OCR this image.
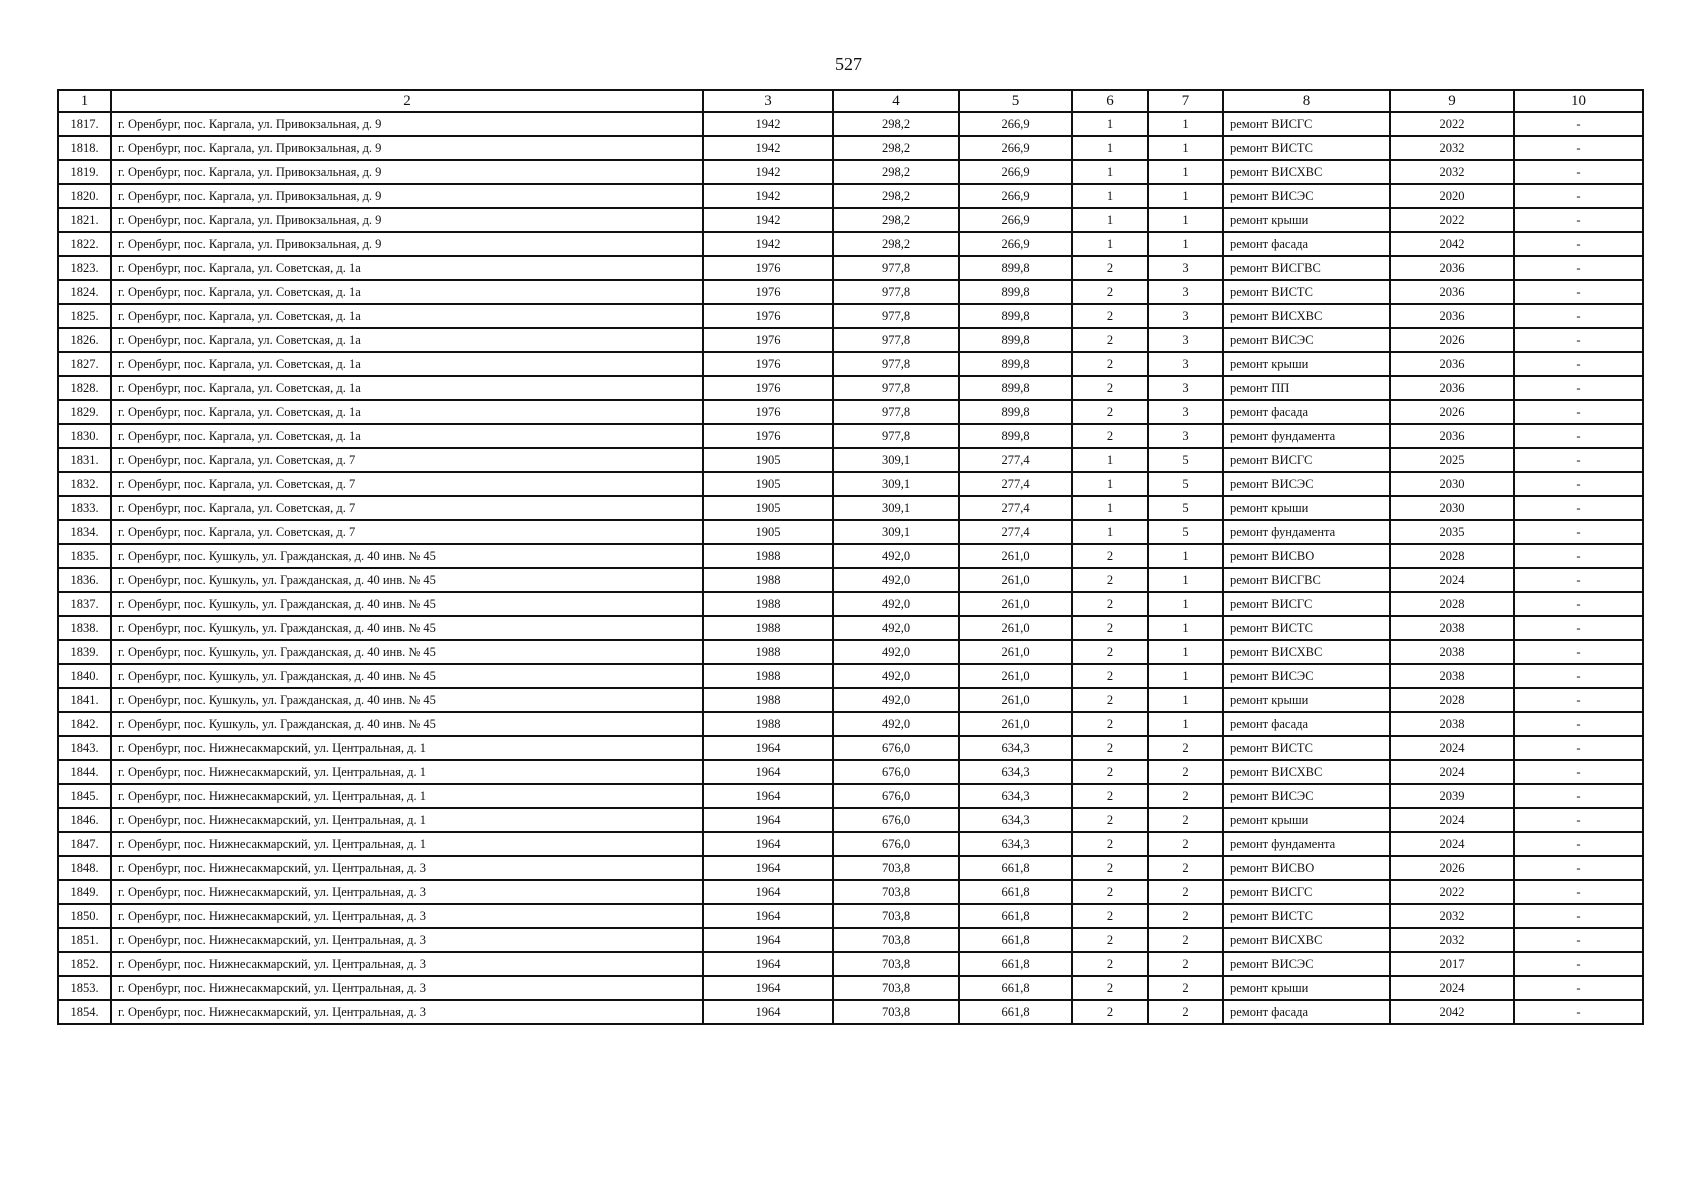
527
1	2	3	4	5	6	7	8	9	10
1817.	г. Оренбург, пос. Каргала, ул. Привокзальная, д. 9	1942	298,2	266,9	1	1	ремонт ВИСГС	2022	-
1818.	г. Оренбург, пос. Каргала, ул. Привокзальная, д. 9	1942	298,2	266,9	1	1	ремонт ВИСТС	2032	-
1819.	г. Оренбург, пос. Каргала, ул. Привокзальная, д. 9	1942	298,2	266,9	1	1	ремонт ВИСХВС	2032	-
1820.	г. Оренбург, пос. Каргала, ул. Привокзальная, д. 9	1942	298,2	266,9	1	1	ремонт ВИСЭС	2020	-
1821.	г. Оренбург, пос. Каргала, ул. Привокзальная, д. 9	1942	298,2	266,9	1	1	ремонт крыши	2022	-
1822.	г. Оренбург, пос. Каргала, ул. Привокзальная, д. 9	1942	298,2	266,9	1	1	ремонт фасада	2042	-
1823.	г. Оренбург, пос. Каргала, ул. Советская, д. 1а	1976	977,8	899,8	2	3	ремонт ВИСГВС	2036	-
1824.	г. Оренбург, пос. Каргала, ул. Советская, д. 1а	1976	977,8	899,8	2	3	ремонт ВИСТС	2036	-
1825.	г. Оренбург, пос. Каргала, ул. Советская, д. 1а	1976	977,8	899,8	2	3	ремонт ВИСХВС	2036	-
1826.	г. Оренбург, пос. Каргала, ул. Советская, д. 1а	1976	977,8	899,8	2	3	ремонт ВИСЭС	2026	-
1827.	г. Оренбург, пос. Каргала, ул. Советская, д. 1а	1976	977,8	899,8	2	3	ремонт крыши	2036	-
1828.	г. Оренбург, пос. Каргала, ул. Советская, д. 1а	1976	977,8	899,8	2	3	ремонт ПП	2036	-
1829.	г. Оренбург, пос. Каргала, ул. Советская, д. 1а	1976	977,8	899,8	2	3	ремонт фасада	2026	-
1830.	г. Оренбург, пос. Каргала, ул. Советская, д. 1а	1976	977,8	899,8	2	3	ремонт фундамента	2036	-
1831.	г. Оренбург, пос. Каргала, ул. Советская, д. 7	1905	309,1	277,4	1	5	ремонт ВИСГС	2025	-
1832.	г. Оренбург, пос. Каргала, ул. Советская, д. 7	1905	309,1	277,4	1	5	ремонт ВИСЭС	2030	-
1833.	г. Оренбург, пос. Каргала, ул. Советская, д. 7	1905	309,1	277,4	1	5	ремонт крыши	2030	-
1834.	г. Оренбург, пос. Каргала, ул. Советская, д. 7	1905	309,1	277,4	1	5	ремонт фундамента	2035	-
1835.	г. Оренбург, пос. Кушкуль, ул. Гражданская, д. 40 инв. № 45	1988	492,0	261,0	2	1	ремонт ВИСВО	2028	-
1836.	г. Оренбург, пос. Кушкуль, ул. Гражданская, д. 40 инв. № 45	1988	492,0	261,0	2	1	ремонт ВИСГВС	2024	-
1837.	г. Оренбург, пос. Кушкуль, ул. Гражданская, д. 40 инв. № 45	1988	492,0	261,0	2	1	ремонт ВИСГС	2028	-
1838.	г. Оренбург, пос. Кушкуль, ул. Гражданская, д. 40 инв. № 45	1988	492,0	261,0	2	1	ремонт ВИСТС	2038	-
1839.	г. Оренбург, пос. Кушкуль, ул. Гражданская, д. 40 инв. № 45	1988	492,0	261,0	2	1	ремонт ВИСХВС	2038	-
1840.	г. Оренбург, пос. Кушкуль, ул. Гражданская, д. 40 инв. № 45	1988	492,0	261,0	2	1	ремонт ВИСЭС	2038	-
1841.	г. Оренбург, пос. Кушкуль, ул. Гражданская, д. 40 инв. № 45	1988	492,0	261,0	2	1	ремонт крыши	2028	-
1842.	г. Оренбург, пос. Кушкуль, ул. Гражданская, д. 40 инв. № 45	1988	492,0	261,0	2	1	ремонт фасада	2038	-
1843.	г. Оренбург, пос. Нижнесакмарский, ул. Центральная, д. 1	1964	676,0	634,3	2	2	ремонт ВИСТС	2024	-
1844.	г. Оренбург, пос. Нижнесакмарский, ул. Центральная, д. 1	1964	676,0	634,3	2	2	ремонт ВИСХВС	2024	-
1845.	г. Оренбург, пос. Нижнесакмарский, ул. Центральная, д. 1	1964	676,0	634,3	2	2	ремонт ВИСЭС	2039	-
1846.	г. Оренбург, пос. Нижнесакмарский, ул. Центральная, д. 1	1964	676,0	634,3	2	2	ремонт крыши	2024	-
1847.	г. Оренбург, пос. Нижнесакмарский, ул. Центральная, д. 1	1964	676,0	634,3	2	2	ремонт фундамента	2024	-
1848.	г. Оренбург, пос. Нижнесакмарский, ул. Центральная, д. 3	1964	703,8	661,8	2	2	ремонт ВИСВО	2026	-
1849.	г. Оренбург, пос. Нижнесакмарский, ул. Центральная, д. 3	1964	703,8	661,8	2	2	ремонт ВИСГС	2022	-
1850.	г. Оренбург, пос. Нижнесакмарский, ул. Центральная, д. 3	1964	703,8	661,8	2	2	ремонт ВИСТС	2032	-
1851.	г. Оренбург, пос. Нижнесакмарский, ул. Центральная, д. 3	1964	703,8	661,8	2	2	ремонт ВИСХВС	2032	-
1852.	г. Оренбург, пос. Нижнесакмарский, ул. Центральная, д. 3	1964	703,8	661,8	2	2	ремонт ВИСЭС	2017	-
1853.	г. Оренбург, пос. Нижнесакмарский, ул. Центральная, д. 3	1964	703,8	661,8	2	2	ремонт крыши	2024	-
1854.	г. Оренбург, пос. Нижнесакмарский, ул. Центральная, д. 3	1964	703,8	661,8	2	2	ремонт фасада	2042	-
